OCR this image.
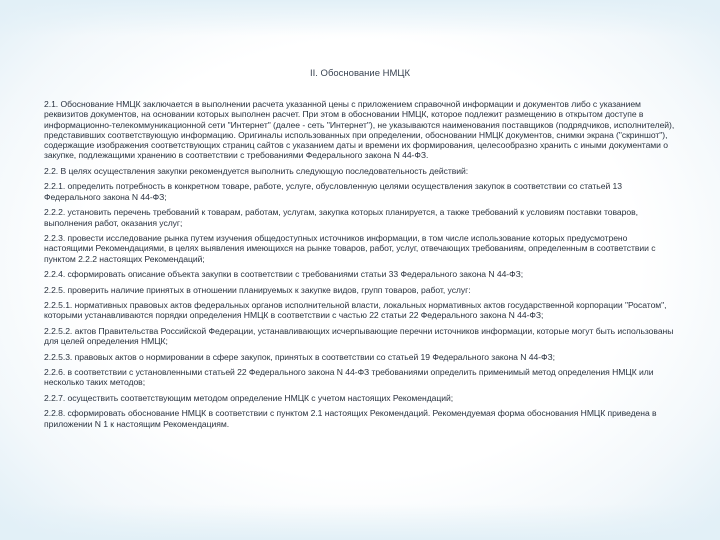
II. Обоснование НМЦК

2.1. Обоснование НМЦК заключается в выполнении расчета указанной цены с приложением справочной информации и документов либо с указанием реквизитов документов, на основании которых выполнен расчет. При этом в обосновании НМЦК, которое подлежит размещению в открытом доступе в информационно-телекоммуникационной сети "Интернет" (далее - сеть "Интернет"), не указываются наименования поставщиков (подрядчиков, исполнителей), представивших соответствующую информацию. Оригиналы использованных при определении, обосновании НМЦК документов, снимки экрана ("скриншот"), содержащие изображения соответствующих страниц сайтов с указанием даты и времени их формирования, целесообразно хранить с иными документами о закупке, подлежащими хранению в соответствии с требованиями Федерального закона N 44-ФЗ.

2.2. В целях осуществления закупки рекомендуется выполнить следующую последовательность действий:

2.2.1. определить потребность в конкретном товаре, работе, услуге, обусловленную целями осуществления закупок в соответствии со статьей 13 Федерального закона N 44-ФЗ;

2.2.2. установить перечень требований к товарам, работам, услугам, закупка которых планируется, а также требований к условиям поставки товаров, выполнения работ, оказания услуг;

2.2.3. провести исследование рынка путем изучения общедоступных источников информации, в том числе использование которых предусмотрено настоящими Рекомендациями, в целях выявления имеющихся на рынке товаров, работ, услуг, отвечающих требованиям, определенным в соответствии с пунктом 2.2.2 настоящих Рекомендаций;

2.2.4. сформировать описание объекта закупки в соответствии с требованиями статьи 33 Федерального закона N 44-ФЗ;

2.2.5. проверить наличие принятых в отношении планируемых к закупке видов, групп товаров, работ, услуг:

2.2.5.1. нормативных правовых актов федеральных органов исполнительной власти, локальных нормативных актов государственной корпорации "Росатом", которыми устанавливаются порядки определения НМЦК в соответствии с частью 22 статьи 22 Федерального закона N 44-ФЗ;

2.2.5.2. актов Правительства Российской Федерации, устанавливающих исчерпывающие перечни источников информации, которые могут быть использованы для целей определения НМЦК;

2.2.5.3. правовых актов о нормировании в сфере закупок, принятых в соответствии со статьей 19 Федерального закона N 44-ФЗ;

2.2.6. в соответствии с установленными статьей 22 Федерального закона N 44-ФЗ требованиями определить применимый метод определения НМЦК или несколько таких методов;

2.2.7. осуществить соответствующим методом определение НМЦК с учетом настоящих Рекомендаций;

2.2.8. сформировать обоснование НМЦК в соответствии с пунктом 2.1 настоящих Рекомендаций. Рекомендуемая форма обоснования НМЦК приведена в приложении N 1 к настоящим Рекомендациям.
